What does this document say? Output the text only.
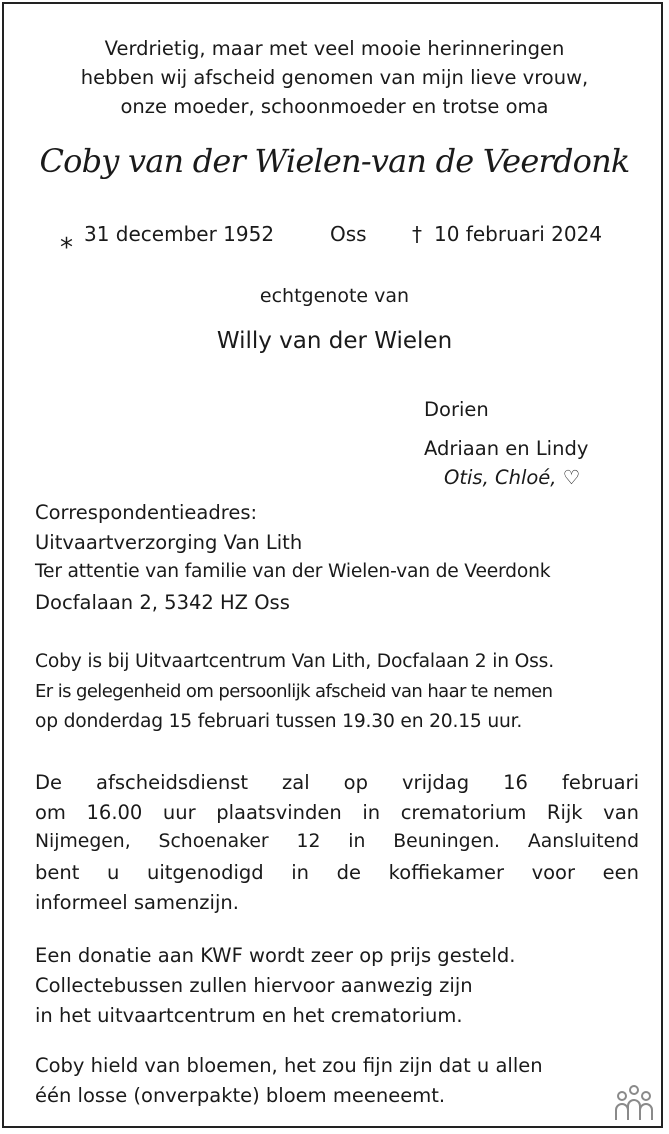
Verdrietig, maar met veel mooie herinneringen
hebben wij afscheid genomen van mijn lieve vrouw,
onze moeder, schoonmoeder en trotse oma
Coby van der Wielen-van de Veerdonk
⁎ 31 december 1952	Oss † 10 februari 2024
echtgenote van
Willy van der Wielen
Dorien
Adriaan en Lindy
Otis, Chloé, ♡
Correspondentieadres:
Uitvaartverzorging Van Lith
Ter attentie van familie van der Wielen-van de Veerdonk
Docfalaan 2, 5342 HZ Oss
Coby is bij Uitvaartcentrum Van Lith, Docfalaan 2 in Oss.
Er is gelegenheid om persoonlijk afscheid van haar te nemen
op donderdag 15 februari tussen 19.30 en 20.15 uur.
De afscheidsdienst zal op vrijdag 16 februari
om 16.00 uur plaatsvinden in crematorium Rijk van
Nijmegen, Schoenaker 12 in Beuningen. Aansluitend
bent u uitgenodigd in de koffiekamer voor een
informeel samenzijn.
Een donatie aan KWF wordt zeer op prijs gesteld.
Collectebussen zullen hiervoor aanwezig zijn
in het uitvaartcentrum en het crematorium.
Coby hield van bloemen, het zou fijn zijn dat u allen
één losse (onverpakte) bloem meeneemt.
